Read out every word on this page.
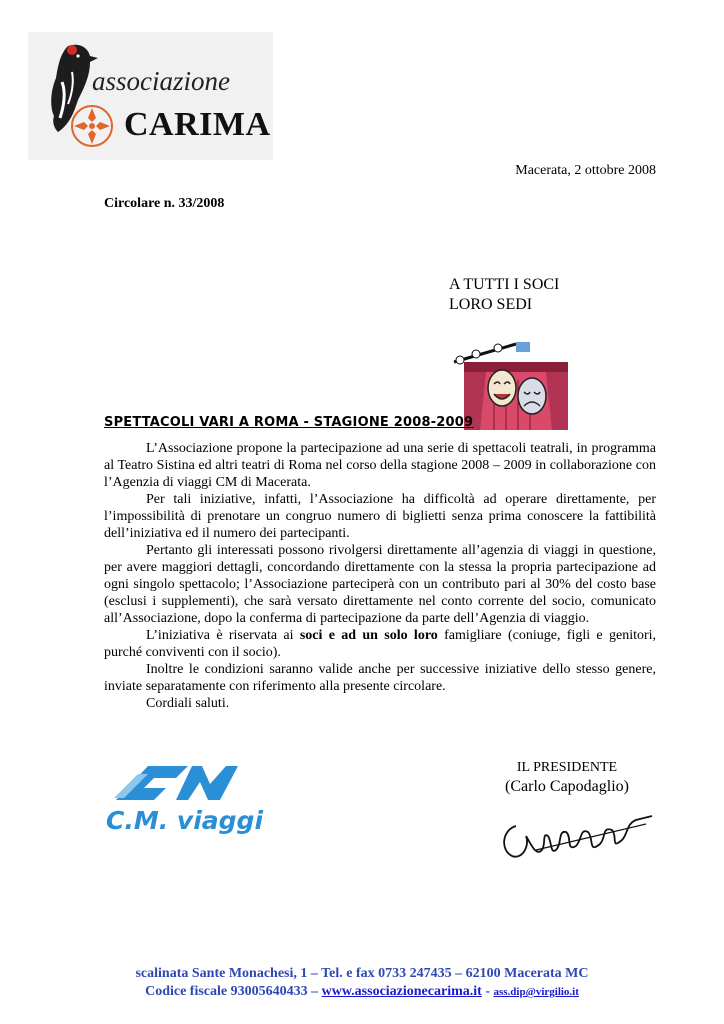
associazione
CARIMA
Macerata, 2 ottobre 2008
Circolare n. 33/2008
A TUTTI I SOCI
LORO SEDI
SPETTACOLI VARI A ROMA - STAGIONE 2008-2009

L’Associazione propone la partecipazione ad una serie di spettacoli teatrali, in programma al Teatro Sistina ed altri teatri di Roma nel corso della stagione 2008 – 2009 in collaborazione con l’Agenzia di viaggi CM di Macerata.

Per tali iniziative, infatti, l’Associazione ha difficoltà ad operare direttamente, per l’impossibilità di prenotare un congruo numero di biglietti senza prima conoscere la fattibilità dell’iniziativa ed il numero dei partecipanti.

Pertanto gli interessati possono rivolgersi direttamente all’agenzia di viaggi in questione, per avere maggiori dettagli, concordando direttamente con la stessa la propria partecipazione ad ogni singolo spettacolo; l’Associazione parteciperà con un contributo pari al 30% del costo base (esclusi i supplementi), che sarà versato direttamente nel conto corrente del socio, comunicato all’Associazione, dopo la conferma di partecipazione da parte dell’Agenzia di viaggio.

L’iniziativa è riservata ai soci e ad un solo loro famigliare (coniuge, figli e genitori, purché conviventi con il socio).

Inoltre le condizioni saranno valide anche per successive iniziative dello stesso genere, inviate separatamente con riferimento alla presente circolare.

Cordiali saluti.

C.M. viaggi
IL PRESIDENTE
(Carlo Capodaglio)
scalinata Sante Monachesi, 1 – Tel. e fax 0733 247435 – 62100 Macerata MC
Codice fiscale 93005640433 – www.associazionecarima.it - ass.dip@virgilio.it
